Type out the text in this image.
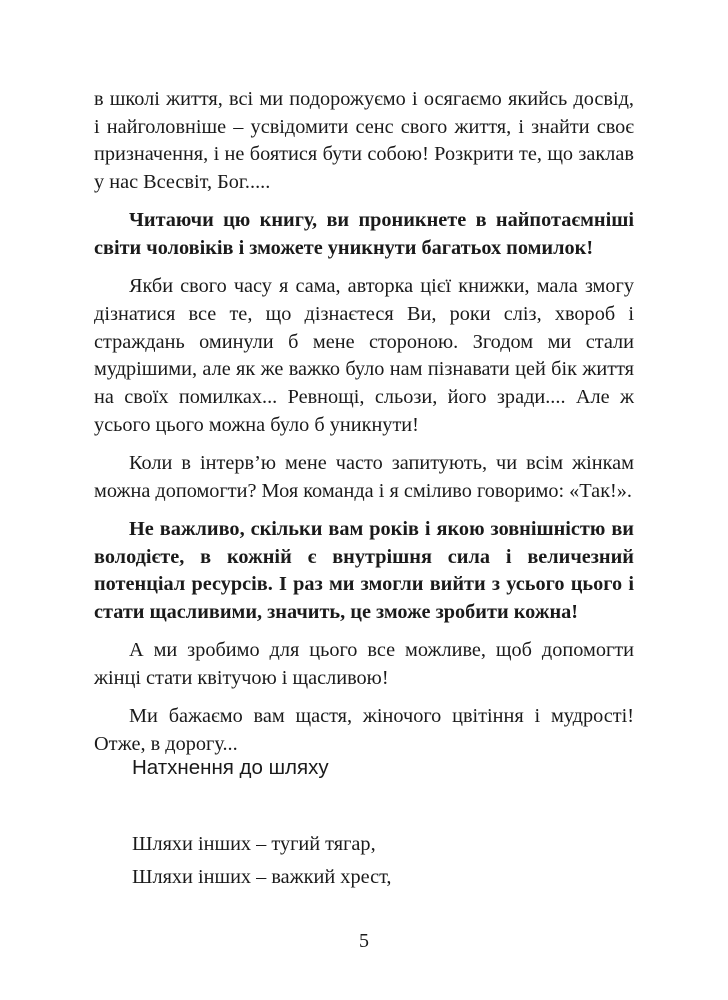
в школі життя, всі ми подорожуємо і осягаємо якийсь досвід, і найголовніше – усвідомити сенс свого життя, і знайти своє призначення, і не боятися бути собою! Розкрити те, що заклав у нас Всесвіт, Бог.....

Читаючи цю книгу, ви проникнете в найпотаємніші світи чоловіків і зможете уникнути багатьох помилок!

Якби свого часу я сама, авторка цієї книжки, мала змогу дізнатися все те, що дізнаєтеся Ви, роки сліз, хвороб і страждань оминули б мене стороною. Згодом ми стали мудрішими, але як же важко було нам пізнавати цей бік життя на своїх помилках... Ревнощі, сльози, його зради.... Але ж усього цього можна було б уникнути!

Коли в інтерв’ю мене часто запитують, чи всім жінкам можна допомогти? Моя команда і я сміливо говоримо: «Так!».

Не важливо, скільки вам років і якою зовнішністю ви володієте, в кожній є внутрішня сила і величезний потенціал ресурсів. І раз ми змогли вийти з усього цього і стати щасливими, значить, це зможе зробити кожна!

А ми зробимо для цього все можливе, щоб допомогти жінці стати квітучою і щасливою!

Ми бажаємо вам щастя, жіночого цвітіння і мудрості! Отже, в дорогу...

Натхнення до шляху
Шляхи інших – тугий тягар,
Шляхи інших – важкий хрест,
5
